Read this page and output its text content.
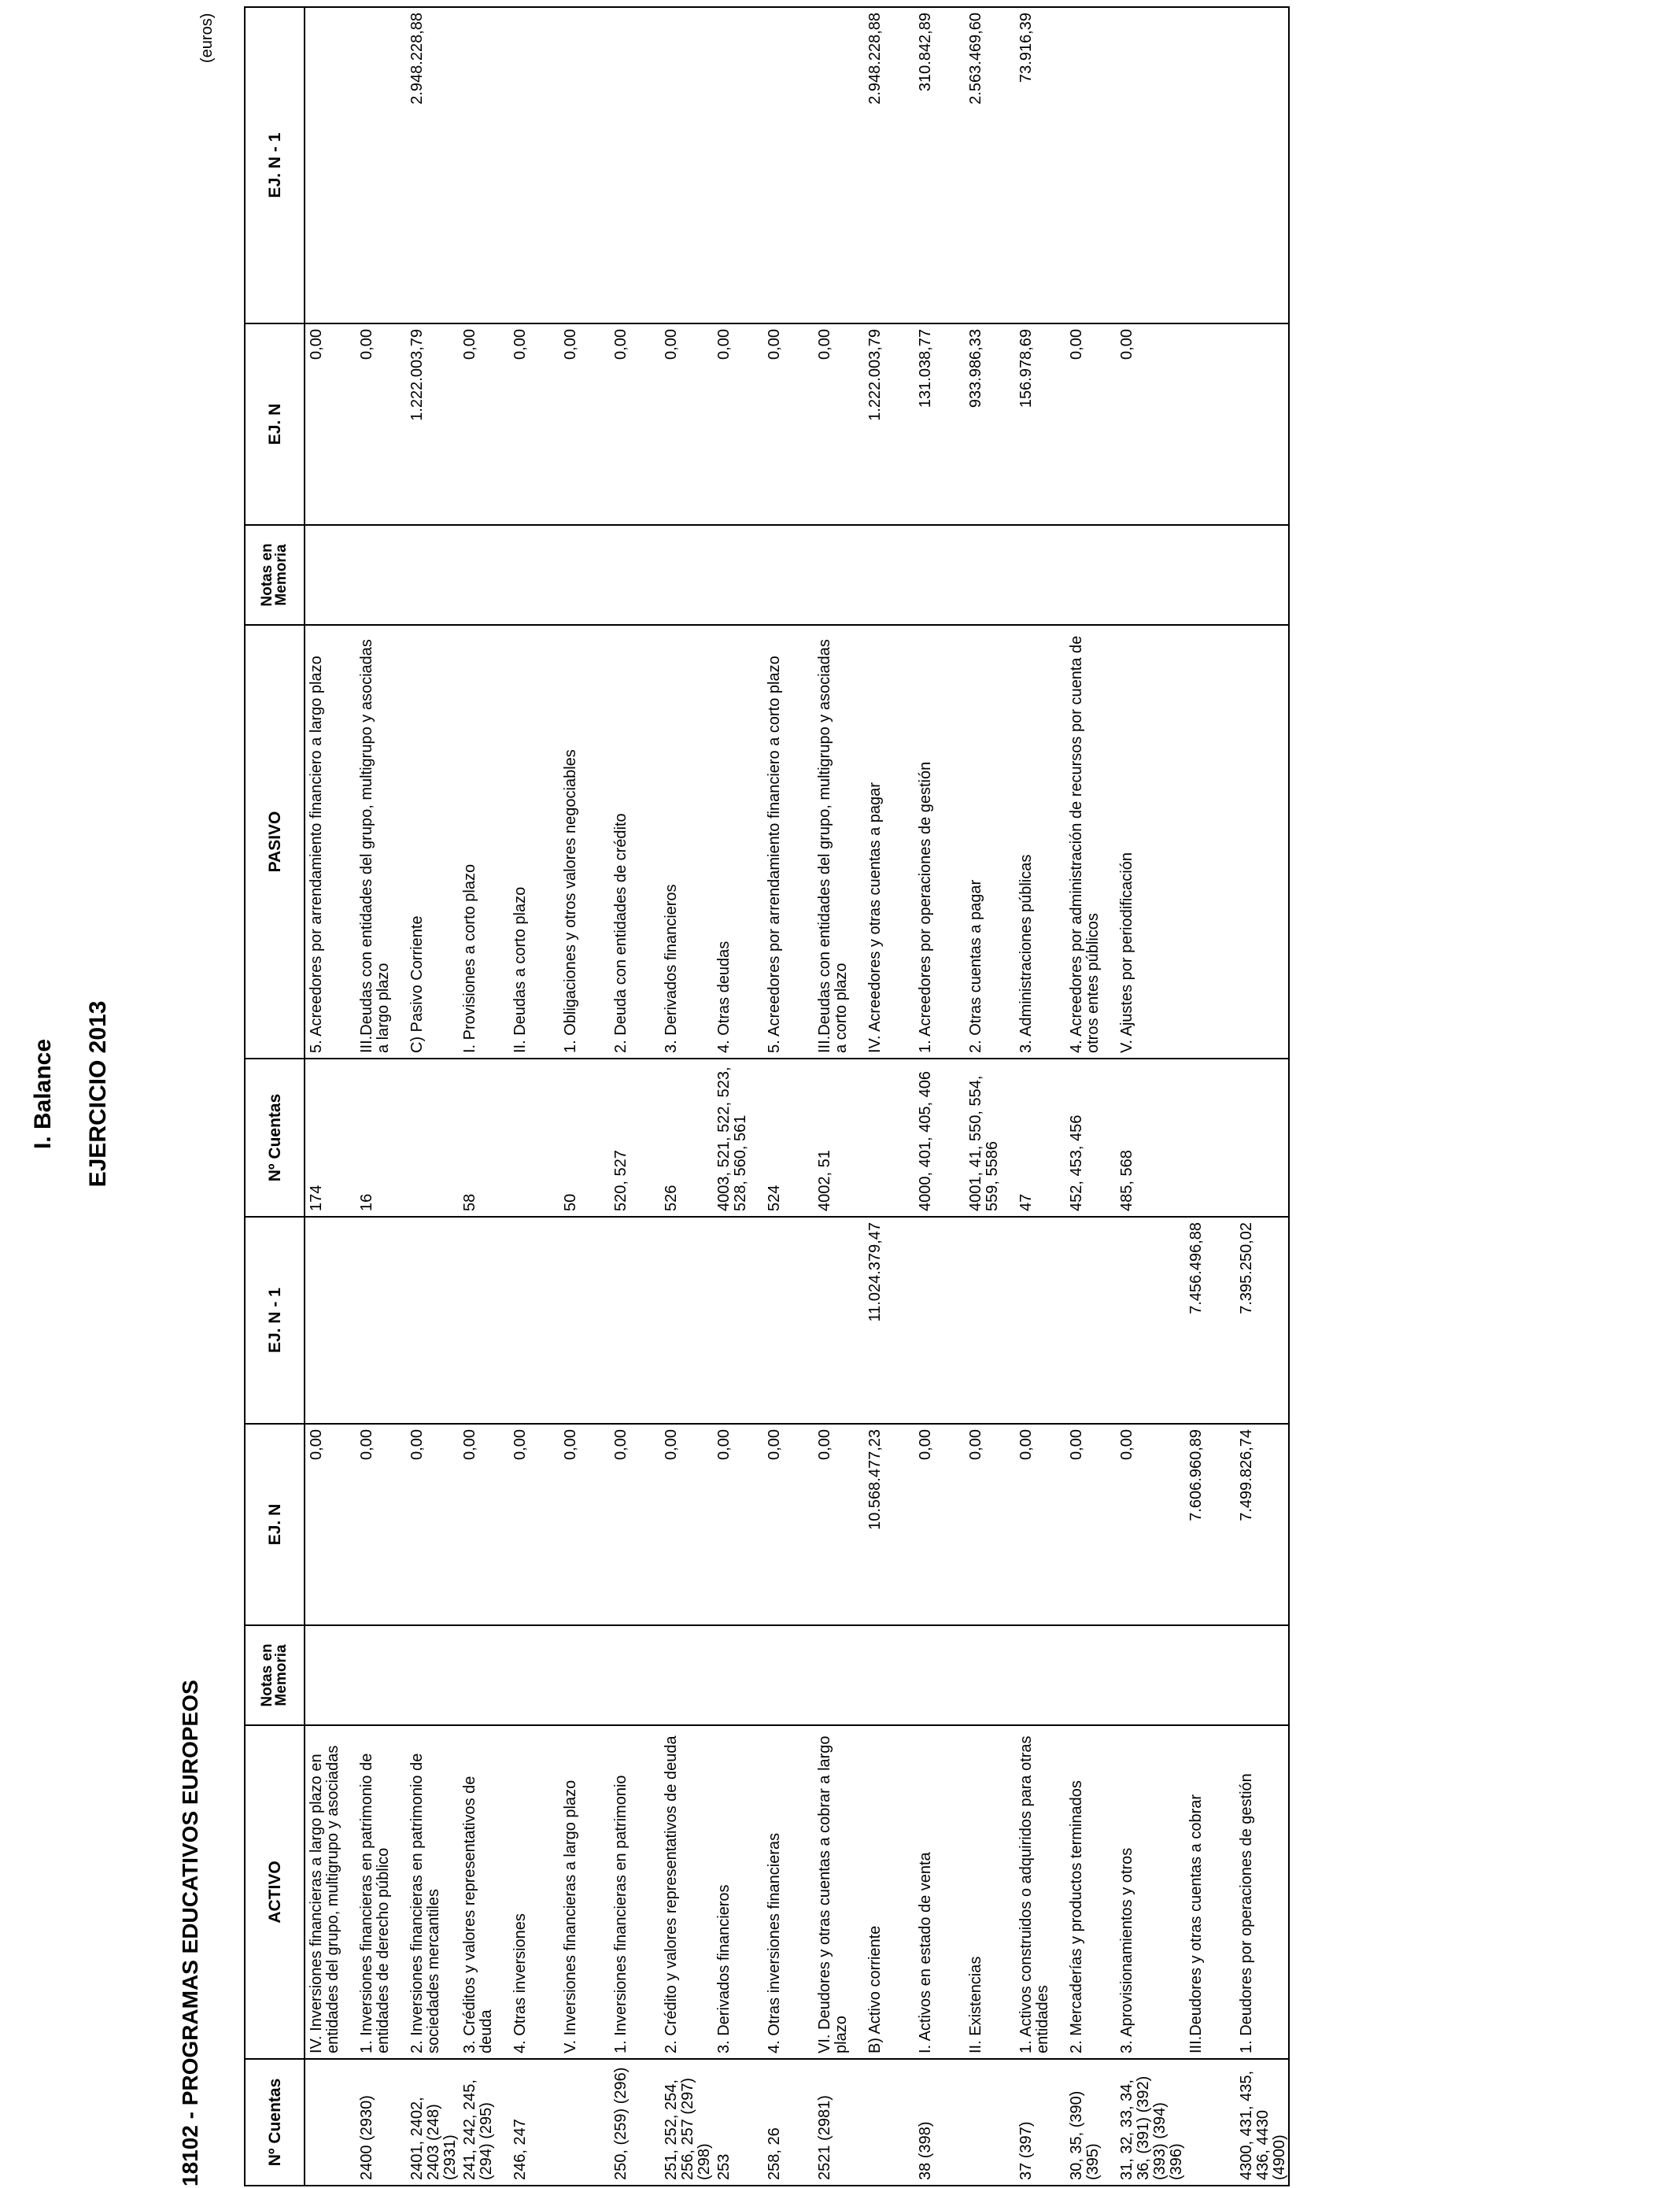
I. Balance EJERCICIO 2013
18102 - PROGRAMAS EDUCATIVOS EUROPEOS
(euros)
Nº Cuentas	ACTIVO	Notas en Memoria	EJ. N	EJ. N - 1	Nº Cuentas	PASIVO	Notas en Memoria	EJ. N	EJ. N - 1
	IV. Inversiones financieras a largo plazo en entidades del grupo, multigrupo y asociadas		0,00		174	5. Acreedores por arrendamiento financiero a largo plazo		0,00	
2400 (2930)	1. Inversiones financieras en patrimonio de entidades de derecho público		0,00		16	III.Deudas con entidades del grupo, multigrupo y asociadas a largo plazo		0,00	
2401, 2402, 2403 (248) (2931)	2. Inversiones financieras en patrimonio de sociedades mercantiles		0,00			C) Pasivo Corriente		1.222.003,79	2.948.228,88
241, 242, 245, (294) (295)	3. Créditos y valores representativos de deuda		0,00		58	I. Provisiones a corto plazo		0,00	
246, 247	4. Otras inversiones		0,00			II. Deudas a corto plazo		0,00	
	V. Inversiones financieras a largo plazo		0,00		50	1. Obligaciones y otros valores negociables		0,00	
250, (259) (296)	1. Inversiones financieras en patrimonio		0,00		520, 527	2. Deuda con entidades de crédito		0,00	
251, 252, 254, 256, 257 (297) (298)	2. Crédito y valores representativos de deuda		0,00		526	3. Derivados financieros		0,00	
253	3. Derivados financieros		0,00		4003, 521, 522, 523, 528, 560, 561	4. Otras deudas		0,00	
258, 26	4. Otras inversiones financieras		0,00		524	5. Acreedores por arrendamiento financiero a corto plazo		0,00	
2521 (2981)	VI. Deudores y otras cuentas a cobrar a largo plazo		0,00		4002, 51	III.Deudas con entidades del grupo, multigrupo y asociadas a corto plazo		0,00	
	B) Activo corriente		10.568.477,23	11.024.379,47		IV. Acreedores y otras cuentas a pagar		1.222.003,79	2.948.228,88
38 (398)	I. Activos en estado de venta		0,00		4000, 401, 405, 406	1. Acreedores por operaciones de gestión		131.038,77	310.842,89
	II. Existencias		0,00		4001, 41, 550, 554, 559, 5586	2. Otras cuentas a pagar		933.986,33	2.563.469,60
37 (397)	1. Activos construidos o adquiridos para otras entidades		0,00		47	3. Administraciones públicas		156.978,69	73.916,39
30, 35, (390) (395)	2. Mercaderías y productos terminados		0,00		452, 453, 456	4. Acreedores por administración de recursos por cuenta de otros entes públicos		0,00	
31, 32, 33, 34, 36, (391) (392) (393) (394) (396)	3. Aprovisionamientos y otros		0,00		485, 568	V. Ajustes por periodificación		0,00	
	III.Deudores y otras cuentas a cobrar		7.606.960,89	7.456.496,88					
4300, 431, 435, 436, 4430 (4900)	1. Deudores por operaciones de gestión		7.499.826,74	7.395.250,02					
